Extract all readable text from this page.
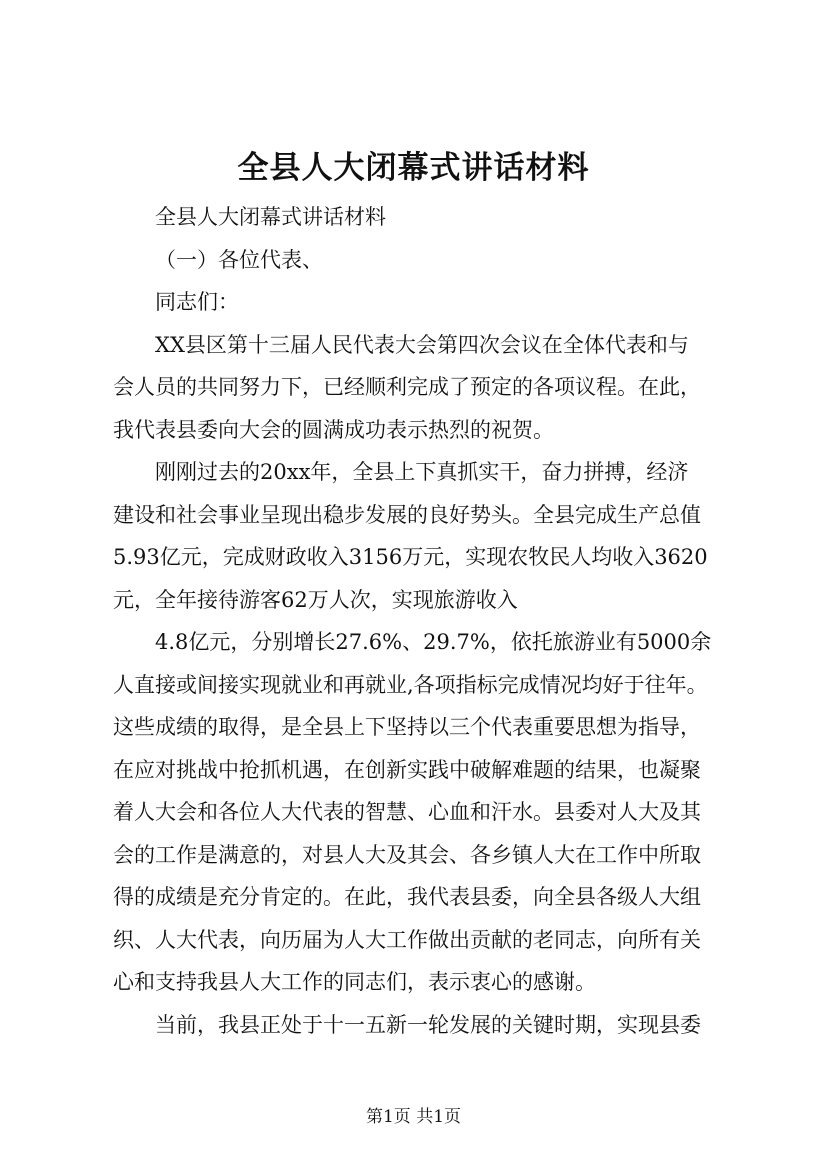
全县人大闭幕式讲话材料
全县人大闭幕式讲话材料
（一）各位代表、
同志们：
XX县区第十三届人民代表大会第四次会议在全体代表和与
会人员的共同努力下，已经顺利完成了预定的各项议程。在此，
我代表县委向大会的圆满成功表示热烈的祝贺。
刚刚过去的20xx年，全县上下真抓实干，奋力拼搏，经济
建设和社会事业呈现出稳步发展的良好势头。全县完成生产总值
5.93亿元，完成财政收入3156万元，实现农牧民人均收入3620
元，全年接待游客62万人次，实现旅游收入
4.8亿元，分别增长27.6%、29.7%，依托旅游业有5000余
人直接或间接实现就业和再就业,各项指标完成情况均好于往年。
这些成绩的取得，是全县上下坚持以三个代表重要思想为指导，
在应对挑战中抢抓机遇，在创新实践中破解难题的结果，也凝聚
着人大会和各位人大代表的智慧、心血和汗水。县委对人大及其
会的工作是满意的，对县人大及其会、各乡镇人大在工作中所取
得的成绩是充分肯定的。在此，我代表县委，向全县各级人大组
织、人大代表，向历届为人大工作做出贡献的老同志，向所有关
心和支持我县人大工作的同志们，表示衷心的感谢。
当前，我县正处于十一五新一轮发展的关键时期，实现县委
第1页 共1页
